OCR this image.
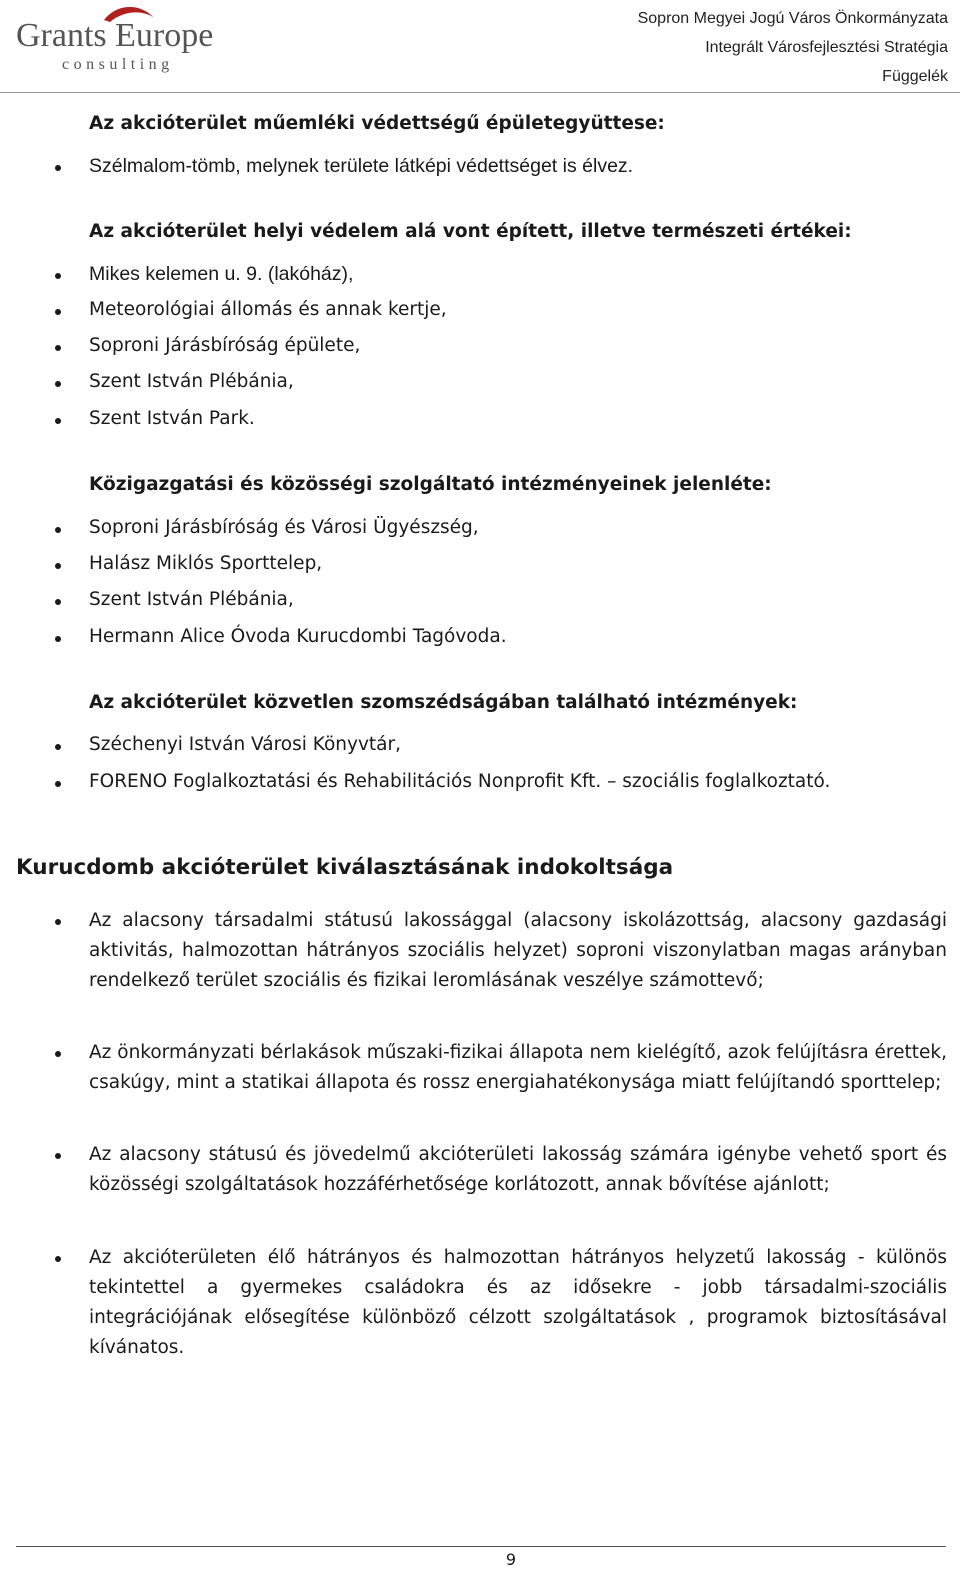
Grants Europe
consulting
Sopron Megyei Jogú Város Önkormányzata
Integrált Városfejlesztési Stratégia
Függelék
Az akcióterület műemléki védettségű épületegyüttese:
Szélmalom-tömb, melynek területe látképi védettséget is élvez.
Az akcióterület helyi védelem alá vont épített, illetve természeti értékei:
Mikes kelemen u. 9. (lakóház),
Meteorológiai állomás és annak kertje,
Soproni Járásbíróság épülete,
Szent István Plébánia,
Szent István Park.
Közigazgatási és közösségi szolgáltató intézményeinek jelenléte:
Soproni Járásbíróság és Városi Ügyészség,
Halász Miklós Sporttelep,
Szent István Plébánia,
Hermann Alice Óvoda Kurucdombi Tagóvoda.
Az akcióterület közvetlen szomszédságában található intézmények:
Széchenyi István Városi Könyvtár,
FORENO Foglalkoztatási és Rehabilitációs Nonprofit Kft. – szociális foglalkoztató.
Kurucdomb akcióterület kiválasztásának indokoltsága
Az alacsony társadalmi státusú lakossággal (alacsony iskolázottság, alacsony gazdasági aktivitás, halmozottan hátrányos szociális helyzet) soproni viszonylatban magas arányban rendelkező terület szociális és fizikai leromlásának veszélye számottevő;
Az önkormányzati bérlakások műszaki-fizikai állapota nem kielégítő, azok felújításra érettek, csakúgy, mint a statikai állapota és rossz energiahatékonysága miatt felújítandó sporttelep;
Az alacsony státusú és jövedelmű akcióterületi lakosság számára igénybe vehető sport és közösségi szolgáltatások hozzáférhetősége korlátozott, annak bővítése ajánlott;
Az akcióterületen élő hátrányos és halmozottan hátrányos helyzetű lakosság - különös tekintettel a gyermekes családokra és az idősekre - jobb társadalmi-szociális integrációjának elősegítése különböző célzott szolgáltatások , programok biztosításával kívánatos.
9
